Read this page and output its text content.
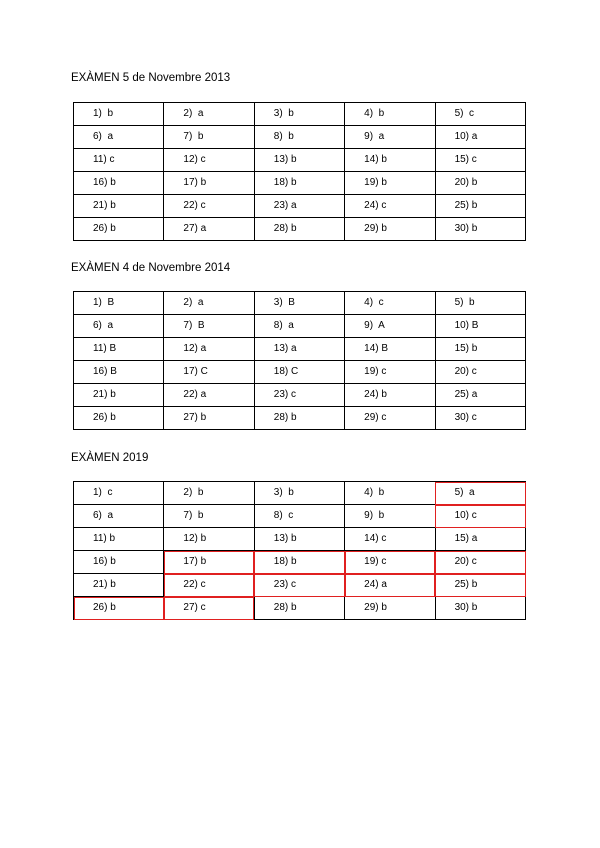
EXÀMEN 5 de Novembre 2013
1)  b	2)  a	3)  b	4)  b	5)  c
6)  a	7)  b	8)  b	9)  a	10) a
11) c	12) c	13) b	14) b	15) c
16) b	17) b	18) b	19) b	20) b
21) b	22) c	23) a	24) c	25) b
26) b	27) a	28) b	29) b	30) b
EXÀMEN 4 de Novembre 2014
1)  B	2)  a	3)  B	4)  c	5)  b
6)  a	7)  B	8)  a	9)  A	10) B
11) B	12) a	13) a	14) B	15) b
16) B	17) C	18) C	19) c	20) c
21) b	22) a	23) c	24) b	25) a
26) b	27) b	28) b	29) c	30) c
EXÀMEN 2019
1)  c	2)  b	3)  b	4)  b	5)  a
6)  a	7)  b	8)  c	9)  b	10) c
11) b	12) b	13) b	14) c	15) a
16) b	17) b	18) b	19) c	20) c
21) b	22) c	23) c	24) a	25) b
26) b	27) c	28) b	29) b	30) b
